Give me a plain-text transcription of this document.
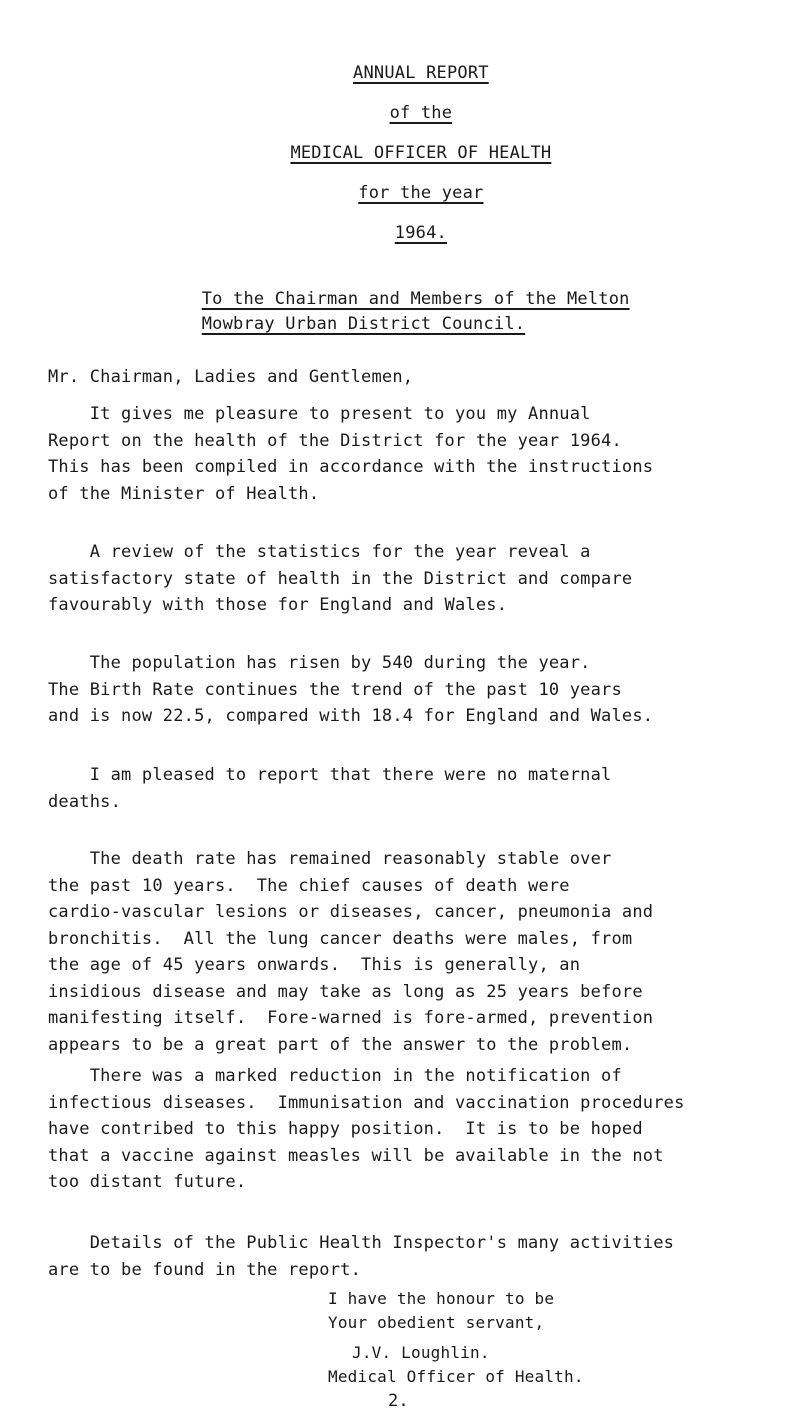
ANNUAL REPORT

of the

MEDICAL OFFICER OF HEALTH

for the year

1964.

To the Chairman and Members of the Melton

Mowbray Urban District Council.

Mr. Chairman, Ladies and Gentlemen,
It gives me pleasure to present to you my Annual
Report on the health of the District for the year 1964.
This has been compiled in accordance with the instructions
of the Minister of Health.
A review of the statistics for the year reveal a
satisfactory state of health in the District and compare
favourably with those for England and Wales.
The population has risen by 540 during the year.
The Birth Rate continues the trend of the past 10 years
and is now 22.5, compared with 18.4 for England and Wales.
I am pleased to report that there were no maternal
deaths.
The death rate has remained reasonably stable over
the past 10 years.  The chief causes of death were
cardio-vascular lesions or diseases, cancer, pneumonia and
bronchitis.  All the lung cancer deaths were males, from
the age of 45 years onwards.  This is generally, an
insidious disease and may take as long as 25 years before
manifesting itself.  Fore-warned is fore-armed, prevention
appears to be a great part of the answer to the problem.
There was a marked reduction in the notification of
infectious diseases.  Immunisation and vaccination procedures
have contribed to this happy position.  It is to be hoped
that a vaccine against measles will be available in the not
too distant future.
Details of the Public Health Inspector's many activities
are to be found in the report.
I have the honour to be
Your obedient servant,
J.V. Loughlin.
Medical Officer of Health.
2.
